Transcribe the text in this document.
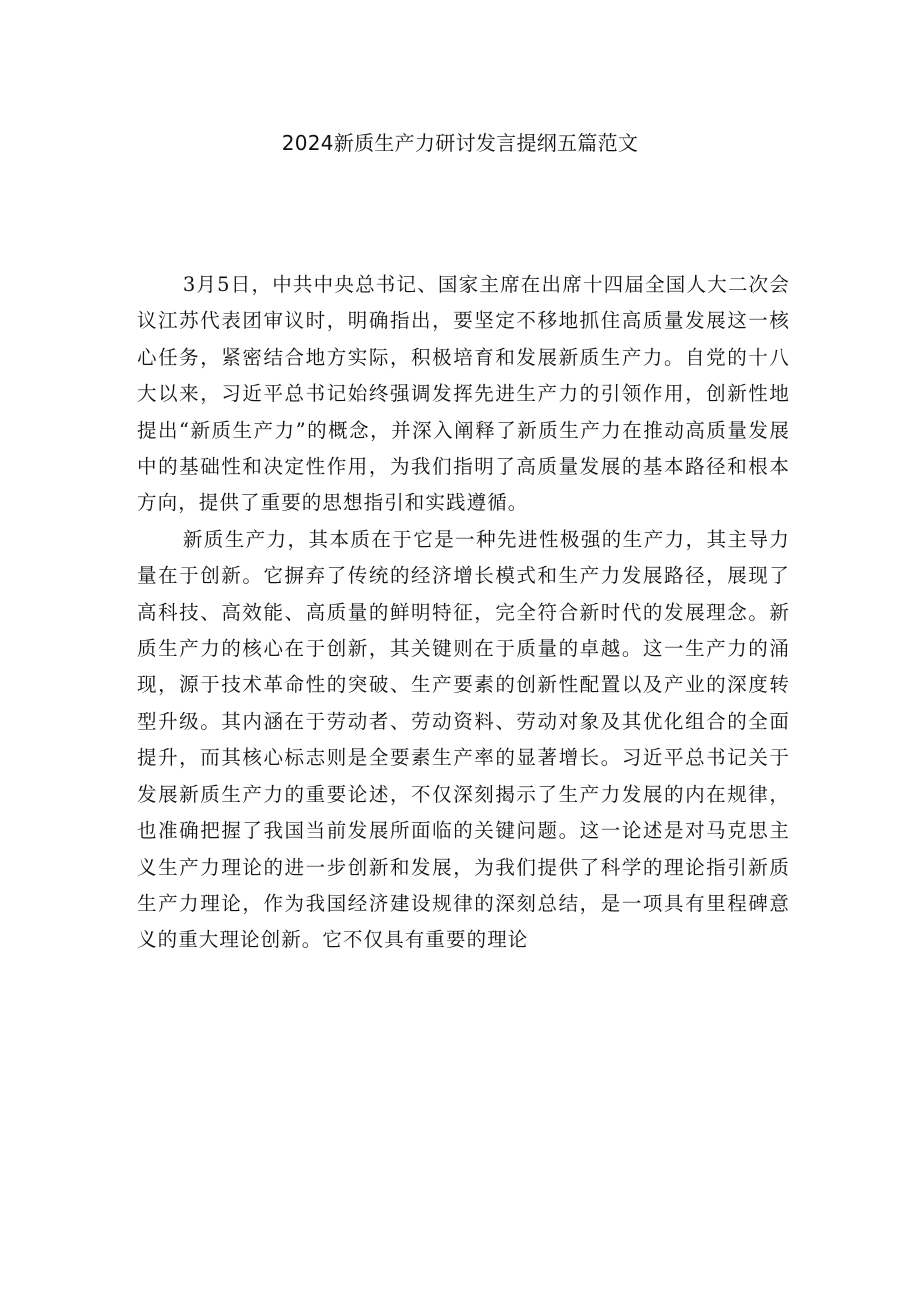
2024新质生产力研讨发言提纲五篇范文

3月5日，中共中央总书记、国家主席在出席十四届全国人大二次会议江苏代表团审议时，明确指出，要坚定不移地抓住高质量发展这一核心任务，紧密结合地方实际，积极培育和发展新质生产力。自党的十八大以来，习近平总书记始终强调发挥先进生产力的引领作用，创新性地提出“新质生产力”的概念，并深入阐释了新质生产力在推动高质量发展中的基础性和决定性作用，为我们指明了高质量发展的基本路径和根本方向，提供了重要的思想指引和实践遵循。

新质生产力，其本质在于它是一种先进性极强的生产力，其主导力量在于创新。它摒弃了传统的经济增长模式和生产力发展路径，展现了高科技、高效能、高质量的鲜明特征，完全符合新时代的发展理念。新质生产力的核心在于创新，其关键则在于质量的卓越。这一生产力的涌现，源于技术革命性的突破、生产要素的创新性配置以及产业的深度转型升级。其内涵在于劳动者、劳动资料、劳动对象及其优化组合的全面提升，而其核心标志则是全要素生产率的显著增长。习近平总书记关于发展新质生产力的重要论述，不仅深刻揭示了生产力发展的内在规律，也准确把握了我国当前发展所面临的关键问题。这一论述是对马克思主义生产力理论的进一步创新和发展，为我们提供了科学的理论指引新质生产力理论，作为我国经济建设规律的深刻总结，是一项具有里程碑意义的重大理论创新。它不仅具有重要的理论
